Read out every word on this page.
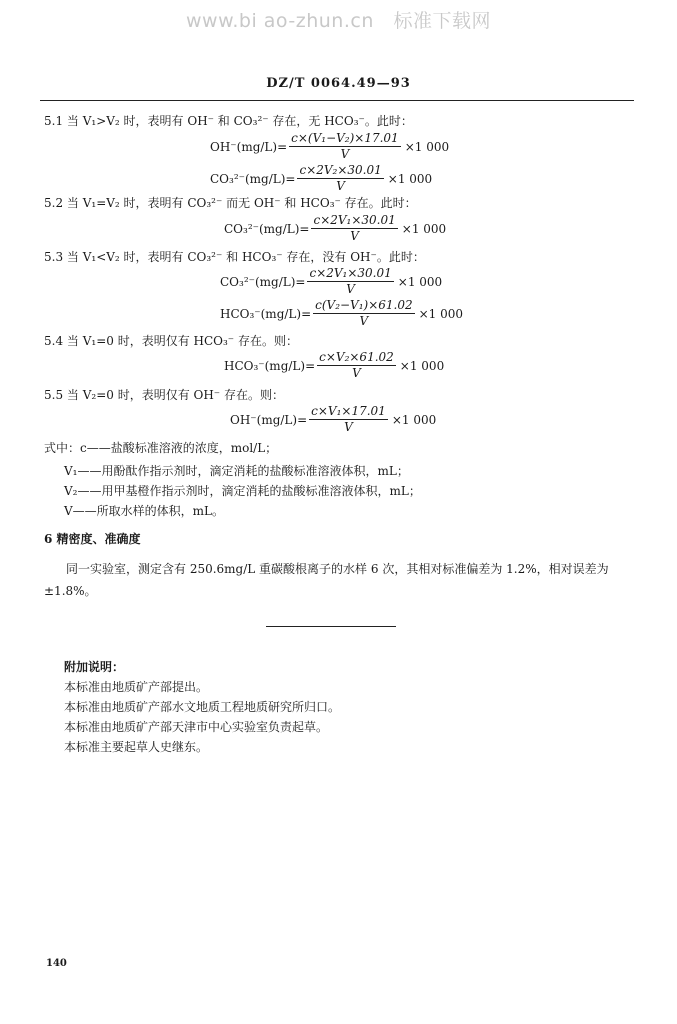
www.bi ao-zhun.cn   标准下载网
DZ/T 0064.49—93
5.1 当 V₁>V₂ 时，表明有 OH⁻ 和 CO₃²⁻ 存在，无 HCO₃⁻。此时：
$OH^-(mg/L)= \frac{\text{c×(V₁−V₂)×17.01}}{V} \times 1$ 000
$CO_3^{2-}(mg/L)= \frac{\text{c×2V₂×30.01}}{V} \times 1$ 000
5.2 当 V₁=V₂ 时，表明有 CO₃²⁻ 而无 OH⁻ 和 HCO₃⁻ 存在。此时：
$CO_3^{2-}(mg/L)= \frac{\text{c×2V₁×30.01}}{V} \times 1$ 000
5.3 当 V₁<V₂ 时，表明有 CO₃²⁻ 和 HCO₃⁻ 存在，没有 OH⁻。此时：
$CO_3^{2-}(mg/L)= \frac{\text{c×2V₁×30.01}}{V} \times 1$ 000
$HCO_3^-(mg/L)= \frac{\text{c(V₂−V₁)×61.02}}{V} \times 1$ 000
5.4 当 V₁=0 时，表明仅有 HCO₃⁻ 存在。则：
$HCO_3^-(mg/L)= \frac{\text{c×V₂×61.02}}{V} \times 1$ 000
5.5 当 V₂=0 时，表明仅有 OH⁻ 存在。则：
$OH^-(mg/L)= \frac{\text{c×V₁×17.01}}{V} \times 1$ 000
式中：c——盐酸标准溶液的浓度，mol/L；
V₁——用酚酞作指示剂时，滴定消耗的盐酸标准溶液体积，mL；
V₂——用甲基橙作指示剂时，滴定消耗的盐酸标准溶液体积，mL；
V——所取水样的体积，mL。
6 精密度、准确度
同一实验室，测定含有 250.6mg/L 重碳酸根离子的水样 6 次，其相对标准偏差为 1.2%，相对误差为±1.8%。
附加说明：
本标准由地质矿产部提出。
本标准由地质矿产部水文地质工程地质研究所归口。
本标准由地质矿产部天津市中心实验室负责起草。
本标准主要起草人史继东。
140
